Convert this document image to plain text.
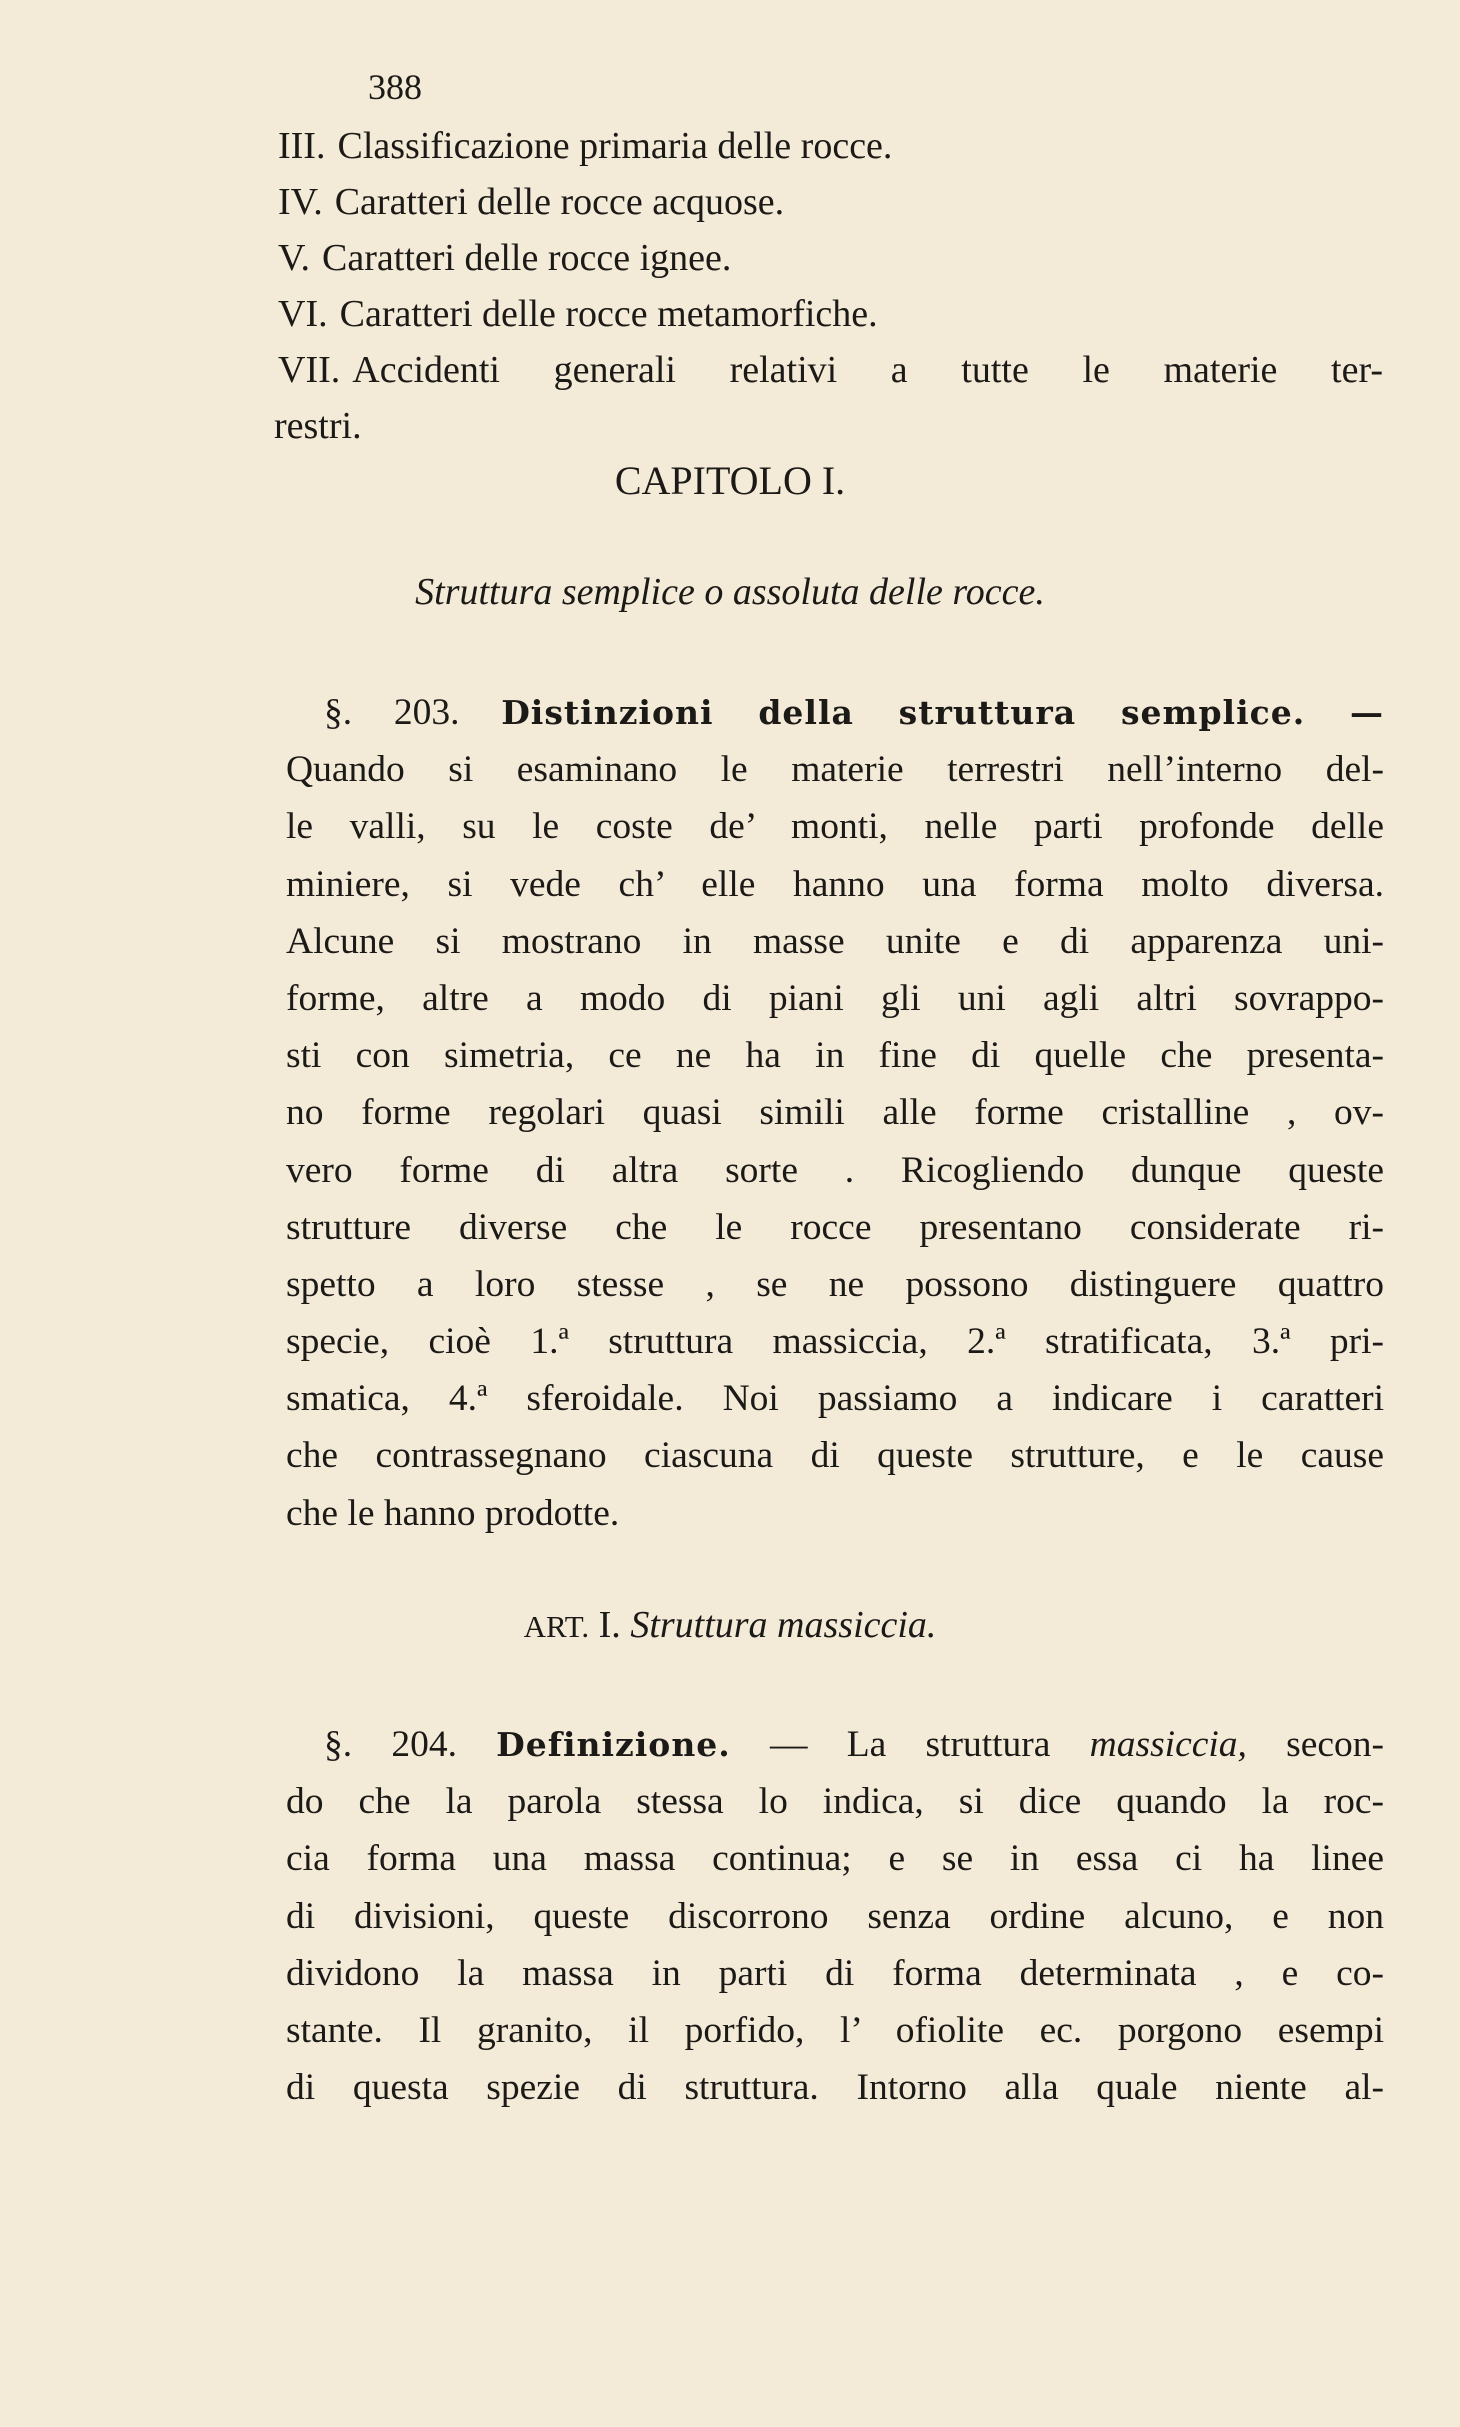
388
III. Classificazione primaria delle rocce.
IV. Caratteri delle rocce acquose.
V. Caratteri delle rocce ignee.
VI. Caratteri delle rocce metamorfiche.
VII. Accidenti generali relativi a tutte le materie ter-
restri.
CAPITOLO I.
Struttura semplice o assoluta delle rocce.
§. 203. Distinzioni della struttura semplice. —
Quando si esaminano le materie terrestri nell’interno del-
le valli, su le coste de’ monti, nelle parti profonde delle
miniere, si vede ch’ elle hanno una forma molto diversa.
Alcune si mostrano in masse unite e di apparenza uni-
forme, altre a modo di piani gli uni agli altri sovrappo-
sti con simetria, ce ne ha in fine di quelle che presenta-
no forme regolari quasi simili alle forme cristalline , ov-
vero forme di altra sorte . Ricogliendo dunque queste
strutture diverse che le rocce presentano considerate ri-
spetto a loro stesse , se ne possono distinguere quattro
specie, cioè 1.ª struttura massiccia, 2.ª stratificata, 3.ª pri-
smatica, 4.ª sferoidale. Noi passiamo a indicare i caratteri
che contrassegnano ciascuna di queste strutture, e le cause
che le hanno prodotte.
ART. I. Struttura massiccia.
§. 204. Definizione. — La struttura massiccia, secon-
do che la parola stessa lo indica, si dice quando la roc-
cia forma una massa continua; e se in essa ci ha linee
di divisioni, queste discorrono senza ordine alcuno, e non
dividono la massa in parti di forma determinata , e co-
stante. Il granito, il porfido, l’ ofiolite ec. porgono esempi
di questa spezie di struttura. Intorno alla quale niente al-
